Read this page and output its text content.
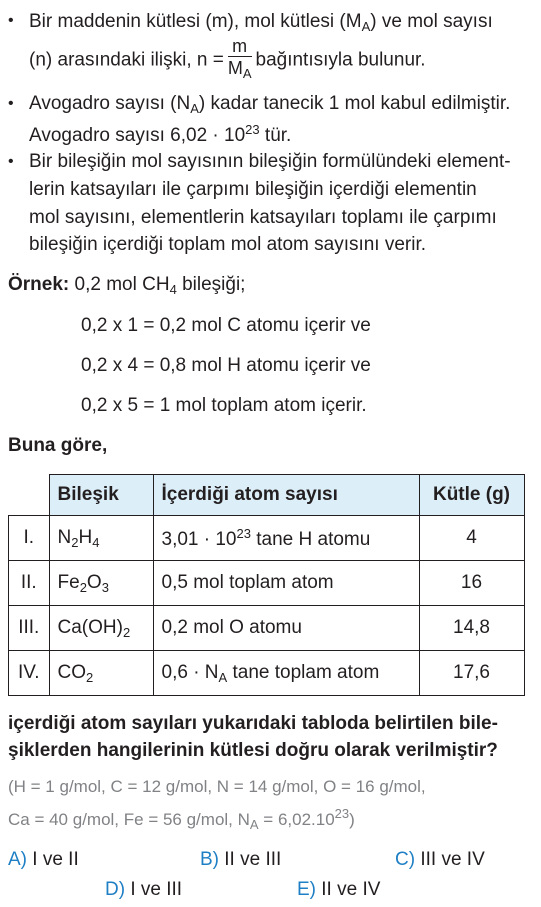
• Bir maddenin kütlesi (m), mol kütlesi $(M_A)$ ve mol sayısı
(n) arasındaki ilişki, $n = \frac{m}{M_A}$ bağıntısıyla bulunur.
• Avogadro sayısı $(N_A)$ kadar tanecik 1 mol kabul edilmiştir.
Avogadro sayısı $6,02 \cdot 10^{23}$ tür.
• Bir bileşiğin mol sayısının bileşiğin formülündeki element-
lerin katsayıları ile çarpımı bileşiğin içerdiği elementin
mol sayısını, elementlerin katsayıları toplamı ile çarpımı
bileşiğin içerdiği toplam mol atom sayısını verir.
Örnek: 0,2 mol $CH_4$ bileşiği;
0,2 x 1 = 0,2 mol C atomu içerir ve
0,2 x 4 = 0,8 mol H atomu içerir ve
0,2 x 5 = 1 mol toplam atom içerir.
Buna göre,
	Bileşik	İçerdiği atom sayısı	Kütle (g)
I.	$N_2H_4$	$3,01 \cdot 10^{23}$ tane H atomu	4
II.	$Fe_2O_3$	0,5 mol toplam atom	16
III.	$Ca(OH)_2$	0,2 mol O atomu	14,8
IV.	$CO_2$	$0,6 \cdot N_A$ tane toplam atom	17,6
içerdiği atom sayıları yukarıdaki tabloda belirtilen bile-
şiklerden hangilerinin kütlesi doğru olarak verilmiştir?
(H = 1 g/mol, C = 12 g/mol, N = 14 g/mol, O = 16 g/mol,
Ca = 40 g/mol, Fe = 56 g/mol, $N_A = 6,02.10^{23}$)
A) I ve II	B) II ve III	C) III ve IV
D) I ve III	E) II ve IV
